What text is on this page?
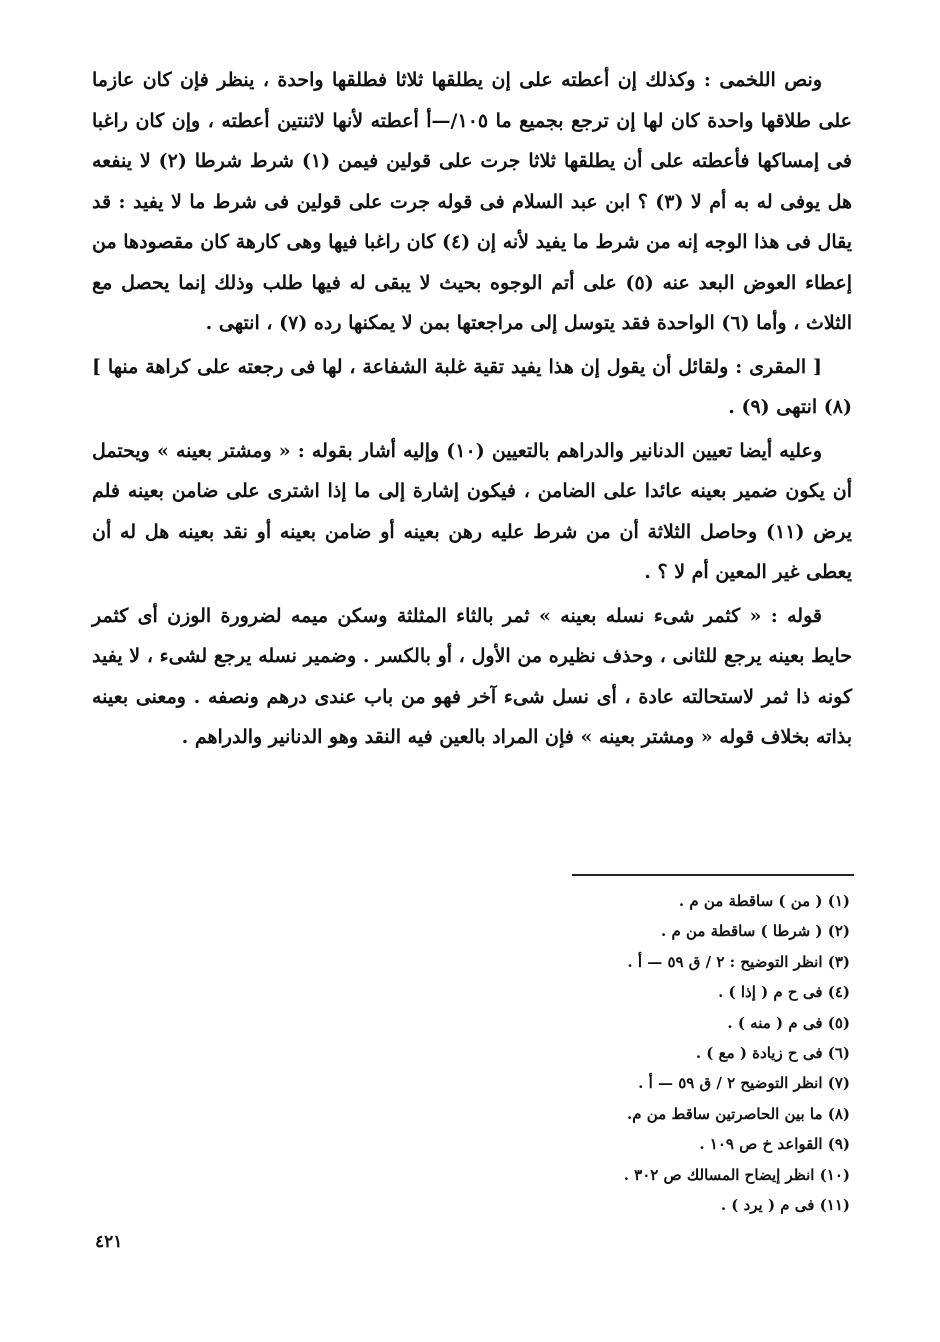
ونص اللخمى : وكذلك إن أعطته على إن يطلقها ثلاثا فطلقها واحدة ، ينظر فإن كان عازما على طلاقها واحدة كان لها إن ترجع بجميع ما ١٠٥/—أ أعطته لأنها لاثنتين أعطته ، وإن كان راغبا فى إمساكها فأعطته على أن يطلقها ثلاثا جرت على قولين فيمن (١) شرط شرطا (٢) لا ينفعه هل يوفى له به أم لا (٣) ؟ ابن عبد السلام فى قوله جرت على قولين فى شرط ما لا يفيد : قد يقال فى هذا الوجه إنه من شرط ما يفيد لأنه إن (٤) كان راغبا فيها وهى كارهة كان مقصودها من إعطاء العوض البعد عنه (٥) على أتم الوجوه بحيث لا يبقى له فيها طلب وذلك إنما يحصل مع الثلاث ، وأما (٦) الواحدة فقد يتوسل إلى مراجعتها بمن لا يمكنها رده (٧) ، انتهى .

[ المقرى : ولقائل أن يقول إن هذا يفيد تقية غلبة الشفاعة ، لها فى رجعته على كراهة منها ] (٨) انتهى (٩) .

وعليه أيضا تعيين الدنانير والدراهم بالتعيين (١٠) وإليه أشار بقوله : « ومشتر بعينه » ويحتمل أن يكون ضمير بعينه عائدا على الضامن ، فيكون إشارة إلى ما إذا اشترى على ضامن بعينه فلم يرض (١١) وحاصل الثلاثة أن من شرط عليه رهن بعينه أو ضامن بعينه أو نقد بعينه هل له أن يعطى غير المعين أم لا ؟ .

قوله : « كثمر شىء نسله بعينه » ثمر بالثاء المثلثة وسكن ميمه لضرورة الوزن أى كثمر حايط بعينه يرجع للثانى ، وحذف نظيره من الأول ، أو بالكسر . وضمير نسله يرجع لشىء ، لا يفيد كونه ذا ثمر لاستحالته عادة ، أى نسل شىء آخر فهو من باب عندى درهم ونصفه . ومعنى بعينه بذاته بخلاف قوله « ومشتر بعينه » فإن المراد بالعين فيه النقد وهو الدنانير والدراهم .

(١) ( من ) ساقطة من م .
(٢) ( شرطا ) ساقطة من م .
(٣) انظر التوضيح : ٢ / ق ٥٩ — أ .
(٤) فى ح م ( إذا ) .
(٥) فى م ( منه ) .
(٦) فى ح زيادة ( مع ) .
(٧) انظر التوضيح ٢ / ق ٥٩ — أ .
(٨) ما بين الحاصرتين ساقط من م.
(٩) القواعد خ ص ١٠٩ .
(١٠) انظر إيضاح المسالك ص ٣٠٢ .
(١١) فى م ( يرد ) .
٤٢١
